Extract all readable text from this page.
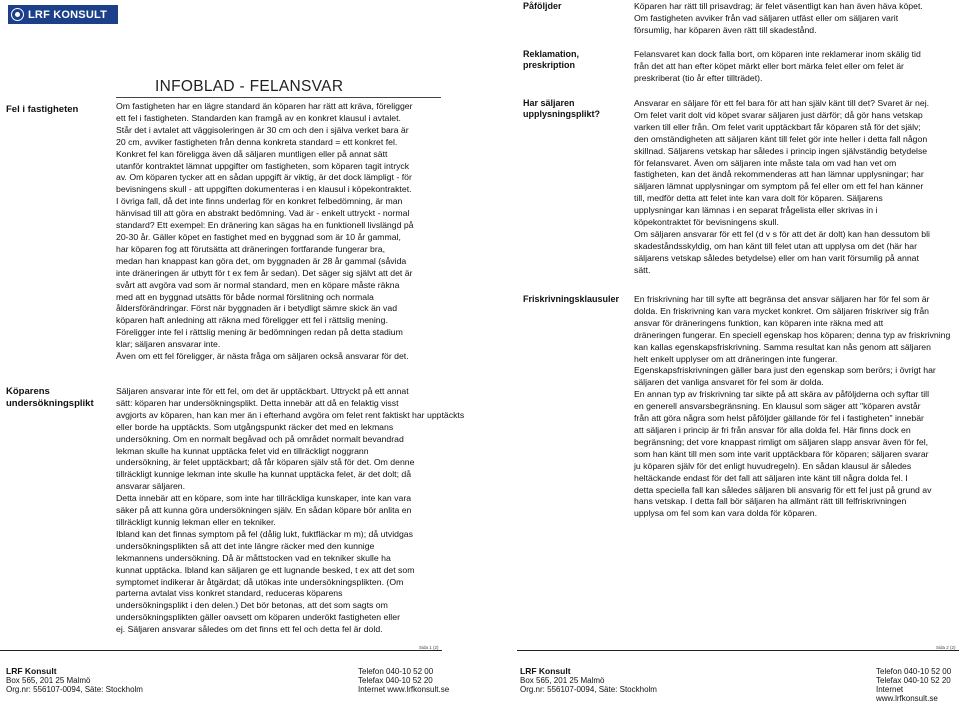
LRF KONSULT
INFOBLAD - FELANSVAR
Fel i fastigheten	Om fastigheten har en lägre standard än köparen har rätt att kräva, föreligger
ett fel i fastigheten. Standarden kan framgå av en konkret klausul i avtalet.
Står det i avtalet att väggisoleringen är 30 cm och den i själva verket bara är
20 cm, avviker fastigheten från denna konkreta standard = ett konkret fel.
Konkret fel kan föreligga även då säljaren muntligen eller på annat sätt
utanför kontraktet lämnat uppgifter om fastigheten, som köparen tagit intryck
av. Om köparen tycker att en sådan uppgift är viktig, är det dock lämpligt - för
bevisningens skull - att uppgiften dokumenteras i en klausul i köpekontraktet.
I övriga fall, då det inte finns underlag för en konkret felbedömning, är man
hänvisad till att göra en abstrakt bedömning. Vad är - enkelt uttryckt - normal
standard? Ett exempel: En dränering kan sägas ha en funktionell livslängd på
20-30 år. Gäller köpet en fastighet med en byggnad som är 10 år gammal,
har köparen fog att förutsätta att dräneringen fortfarande fungerar bra,
medan han knappast kan göra det, om byggnaden är 28 år gammal (såvida
inte dräneringen är utbytt för t ex fem år sedan). Det säger sig självt att det är
svårt att avgöra vad som är normal standard, men en köpare måste räkna
med att en byggnad utsätts för både normal förslitning och normala
åldersförändringar. Först när byggnaden är i betydligt sämre skick än vad
köparen haft anledning att räkna med föreligger ett fel i rättslig mening.
Föreligger inte fel i rättslig mening är bedömningen redan på detta stadium
klar; säljaren ansvarar inte.
Även om ett fel föreligger, är nästa fråga om säljaren också ansvarar för det.
Köparens undersökningsplikt
Säljaren ansvarar inte för ett fel, om det är upptäckbart. Uttryckt på ett annat
sätt: köparen har undersökningsplikt. Detta innebär att då en felaktig visst
avgjorts av köparen, han kan mer än i efterhand avgöra om felet rent faktiskt har upptäckts
eller borde ha upptäckts. Som utgångspunkt räcker det med en lekmans
undersökning. Om en normalt begåvad och på området normalt bevandrad
lekman skulle ha kunnat upptäcka felet vid en tillräckligt noggrann
undersökning, är felet upptäckbart; då får köparen själv stå för det. Om denne
tillräckligt kunnige lekman inte skulle ha kunnat upptäcka felet, är det dolt; då
ansvarar säljaren.
Detta innebär att en köpare, som inte har tillräckliga kunskaper, inte kan vara
säker på att kunna göra undersökningen själv. En sådan köpare bör anlita en
tillräckligt kunnig lekman eller en tekniker.
Ibland kan det finnas symptom på fel (dålig lukt, fuktfläckar m m); då utvidgas
undersökningsplikten så att det inte längre räcker med den kunnige
lekmannens undersökning. Då är måttstocken vad en tekniker skulle ha
kunnat upptäcka. Ibland kan säljaren ge ett lugnande besked, t ex att det som
symptomet indikerar är åtgärdat; då utökas inte undersökningsplikten. (Om
parterna avtalat viss konkret standard, reduceras köparens
undersökningsplikt i den delen.) Det bör betonas, att det som sagts om
undersökningsplikten gäller oavsett om köparen underökt fastigheten eller
ej. Säljaren ansvarar således om det finns ett fel och detta fel är dold.
Sida 1 (2)
LRF Konsult
Box 565, 201 25 Malmö
Org.nr: 556107-0094, Säte: Stockholm
Telefon 040-10 52 00
Telefax 040-10 52 20
Internet www.lrfkonsult.se
Påföljder	Köparen har rätt till prisavdrag; är felet väsentligt kan han även häva köpet.
Om fastigheten avviker från vad säljaren utfäst eller om säljaren varit
försumlig, har köparen även rätt till skadestånd.
Reklamation, preskription
Felansvaret kan dock falla bort, om köparen inte reklamerar inom skälig tid
från det att han efter köpet märkt eller bort märka felet eller om felet är
preskriberat (tio år efter tillträdet).
Har säljaren upplysningsplikt?
Ansvarar en säljare för ett fel bara för att han själv känt till det? Svaret är nej.
Om felet varit dolt vid köpet svarar säljaren just därför; då gör hans vetskap
varken till eller från. Om felet varit upptäckbart får köparen stå för det själv;
den omständigheten att säljaren känt till felet gör inte heller i detta fall någon
skillnad. Säljarens vetskap har således i princip ingen självständig betydelse
för felansvaret. Även om säljaren inte måste tala om vad han vet om
fastigheten, kan det ändå rekommenderas att han lämnar upplysningar; har
säljaren lämnat upplysningar om symptom på fel eller om ett fel han känner
till, medför detta att felet inte kan vara dolt för köparen. Säljarens
upplysningar kan lämnas i en separat frågelista eller skrivas in i
köpekontraktet för bevisningens skull.
Om säljaren ansvarar för ett fel (d v s för att det är dolt) kan han dessutom bli
skadeståndsskyldig, om han känt till felet utan att upplysa om det (här har
säljarens vetskap således betydelse) eller om han varit försumlig på annat
sätt.
Friskrivningsklausuler En friskrivning har till syfte att begränsa det ansvar säljaren har för fel som är
dolda. En friskrivning kan vara mycket konkret. Om säljaren friskriver sig från
ansvar för dräneringens funktion, kan köparen inte räkna med att
dräneringen fungerar. En speciell egenskap hos köparen; denna typ av friskrivning
kan kallas egenskapsfriskrivning. Samma resultat kan nås genom att säljaren
helt enkelt upplyser om att dräneringen inte fungerar.
Egenskapsfriskrivningen gäller bara just den egenskap som berörs; i övrigt har
säljaren det vanliga ansvaret för fel som är dolda.
En annan typ av friskrivning tar sikte på att skära av påföljderna och syftar till
en generell ansvarsbegränsning. En klausul som säger att "köparen avstår
från att göra några som helst påföljder gällande för fel i fastigheten" innebär
att säljaren i princip är fri från ansvar för alla dolda fel. Här finns dock en
begränsning; det vore knappast rimligt om säljaren slapp ansvar även för fel,
som han känt till men som inte varit upptäckbara för köparen; säljaren svarar
ju köparen själv för det enligt huvudregeln). En sådan klausul är således
heltäckande endast för det fall att säljaren inte känt till några dolda fel. I
detta speciella fall kan således säljaren bli ansvarig för ett fel just på grund av
hans vetskap. I detta fall bör säljaren ha allmänt rätt till felfriskrivningen
upplysa om fel som kan vara dolda för köparen.
Sida 2 (2)
LRF Konsult
Box 565, 201 25 Malmö
Org.nr: 556107-0094, Säte: Stockholm
Telefon 040-10 52 00
Telefax 040-10 52 20
Internet www.lrfkonsult.se
